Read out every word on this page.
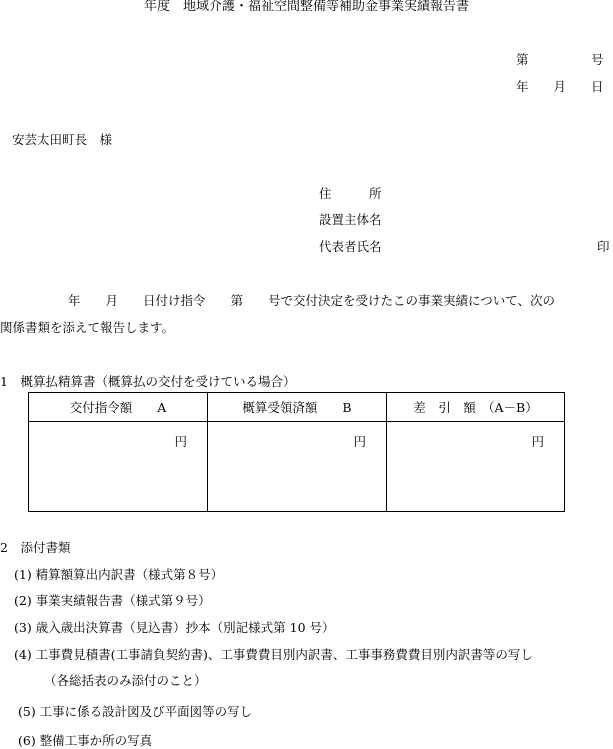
年度　地域介護・福祉空間整備等補助金事業実績報告書
第　　　　　号
年　　月　　日
安芸太田町長　様
住　　　所
設置主体名
代表者氏名	印
年　　月　　日付け指令　　第　　号で交付決定を受けたこの事業実績について、次の
関係書類を添えて報告します。
1　概算払精算書（概算払の交付を受けている場合）
交付指令額　　A	概算受領済額　　B	差　引　額　（A－B）
円	円	円
2　添付書類
(1) 精算額算出内訳書（様式第８号）
(2) 事業実績報告書（様式第９号）
(3) 歳入歳出決算書（見込書）抄本（別記様式第 10 号）
(4) 工事費見積書(工事請負契約書)、工事費費目別内訳書、工事事務費費目別内訳書等の写し
（各総括表のみ添付のこと）
(5) 工事に係る設計図及び平面図等の写し
(6) 整備工事か所の写真
